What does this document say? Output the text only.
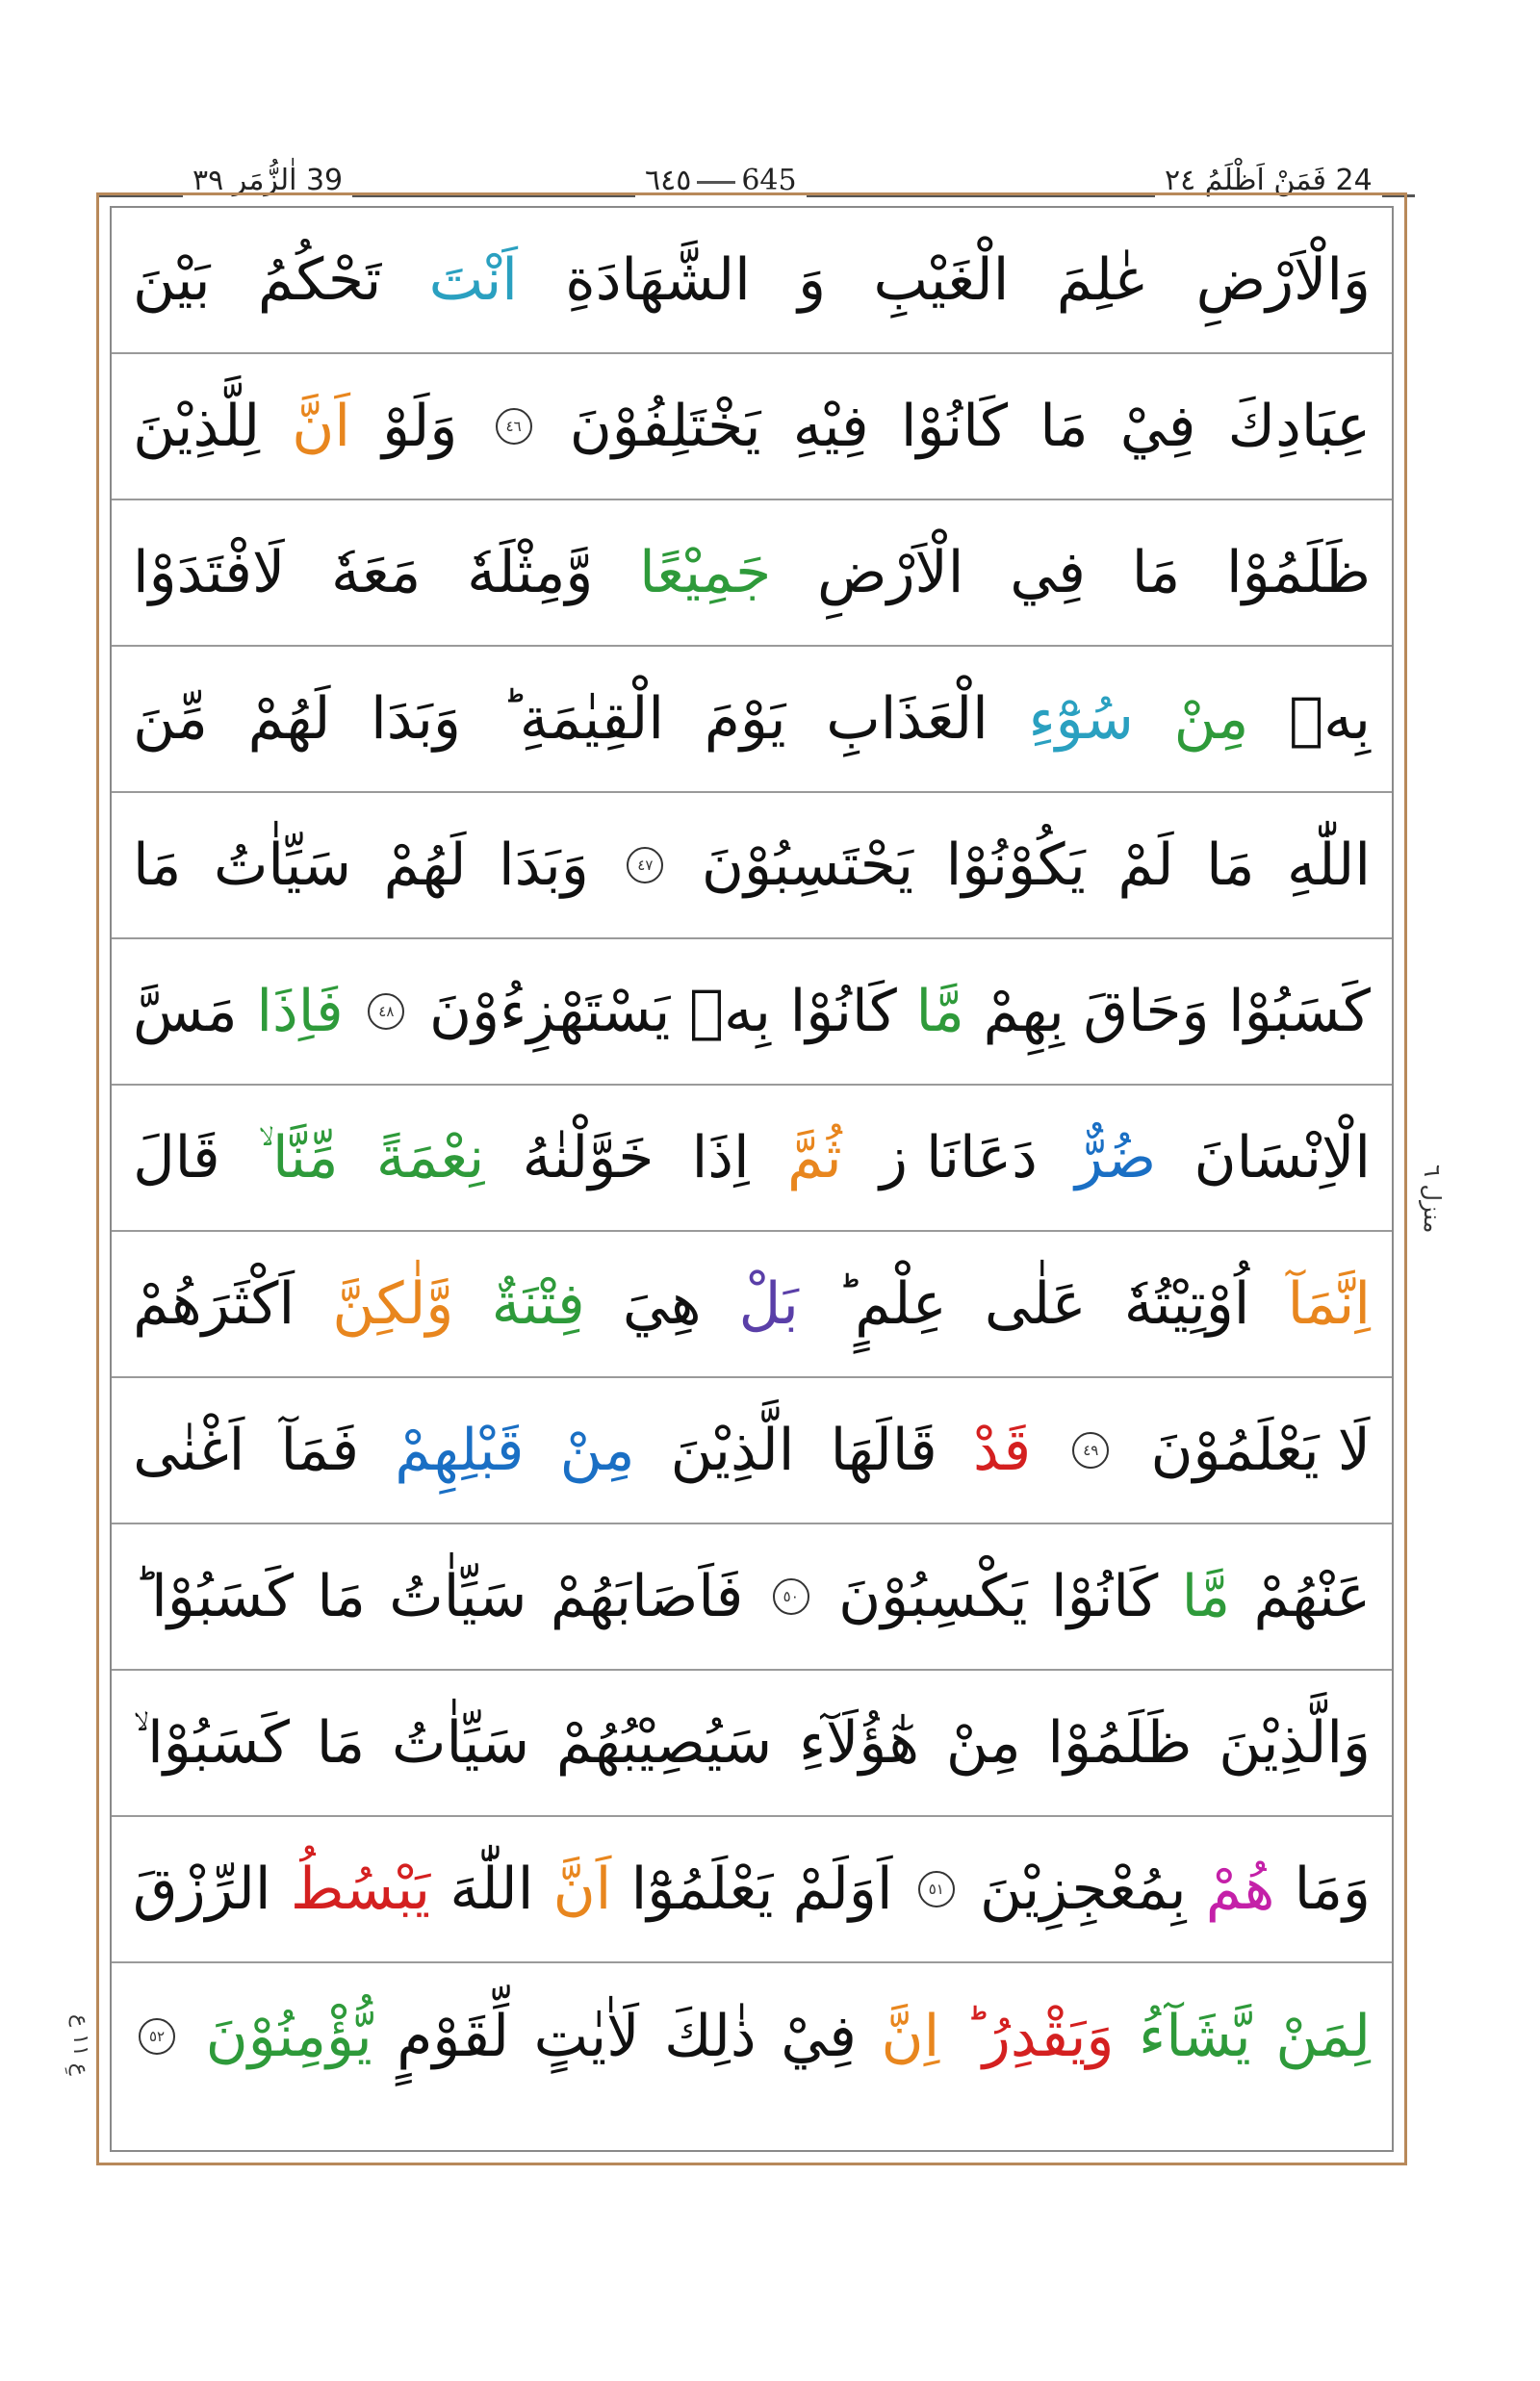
39 اٰلزُّمَر ٣٩	٦٤٥ 645	24 فَمَنْ اَظْلَمُ ٢٤
وَالْاَرْضِ
عٰلِمَ
الْغَيْبِ
وَ
الشَّهَادَةِ
اَنْتَ
تَحْكُمُ
بَيْنَ
عِبَادِكَ
فِيْ
مَا
كَانُوْا
فِيْهِ
يَخْتَلِفُوْنَ
٤٦
وَلَوْ
اَنَّ
لِلَّذِيْنَ
ظَلَمُوْا
مَا
فِي
الْاَرْضِ
جَمِيْعًا
وَّمِثْلَهٗ
مَعَهٗ
لَافْتَدَوْا
بِهٖ
مِنْ
سُوْٓءِ
الْعَذَابِ
يَوْمَ
الْقِيٰمَةِ ؕ
وَبَدَا
لَهُمْ
مِّنَ
اللّٰهِ
مَا
لَمْ
يَكُوْنُوْا
يَحْتَسِبُوْنَ
٤٧
وَبَدَا
لَهُمْ
سَيِّاٰتُ
مَا
كَسَبُوْا
وَحَاقَ
بِهِمْ
مَّا
كَانُوْا
بِهٖ
يَسْتَهْزِءُوْنَ
٤٨
فَاِذَا
مَسَّ
الْاِنْسَانَ
ضُرٌّ
دَعَانَا ز
ثُمَّ
اِذَا
خَوَّلْنٰهُ
نِعْمَةً
مِّنَّا ۙ
قَالَ
اِنَّمَآ
اُوْتِيْتُهٗ
عَلٰى
عِلْمٍ ؕ
بَلْ
هِيَ
فِتْنَةٌ
وَّلٰكِنَّ
اَكْثَرَهُمْ
لَا يَعْلَمُوْنَ
٤٩
قَدْ
قَالَهَا
الَّذِيْنَ
مِنْ
قَبْلِهِمْ
فَمَآ
اَغْنٰى
عَنْهُمْ
مَّا
كَانُوْا
يَكْسِبُوْنَ
٥٠
فَاَصَابَهُمْ
سَيِّاٰتُ
مَا
كَسَبُوْا ؕ
وَالَّذِيْنَ
ظَلَمُوْا
مِنْ
هٰٓؤُلَآءِ
سَيُصِيْبُهُمْ
سَيِّاٰتُ
مَا
كَسَبُوْا ۙ
وَمَا
هُمْ
بِمُعْجِزِيْنَ
٥١
اَوَلَمْ
يَعْلَمُوْٓا
اَنَّ
اللّٰهَ
يَبْسُطُ
الرِّزْقَ
لِمَنْ
يَّشَآءُ
وَيَقْدِرُ ؕ
اِنَّ
فِيْ
ذٰلِكَ
لَاٰيٰتٍ
لِّقَوْمٍ
يُّؤْمِنُوْنَ
٥٢
منزل ٦
عِ ١١ ع
